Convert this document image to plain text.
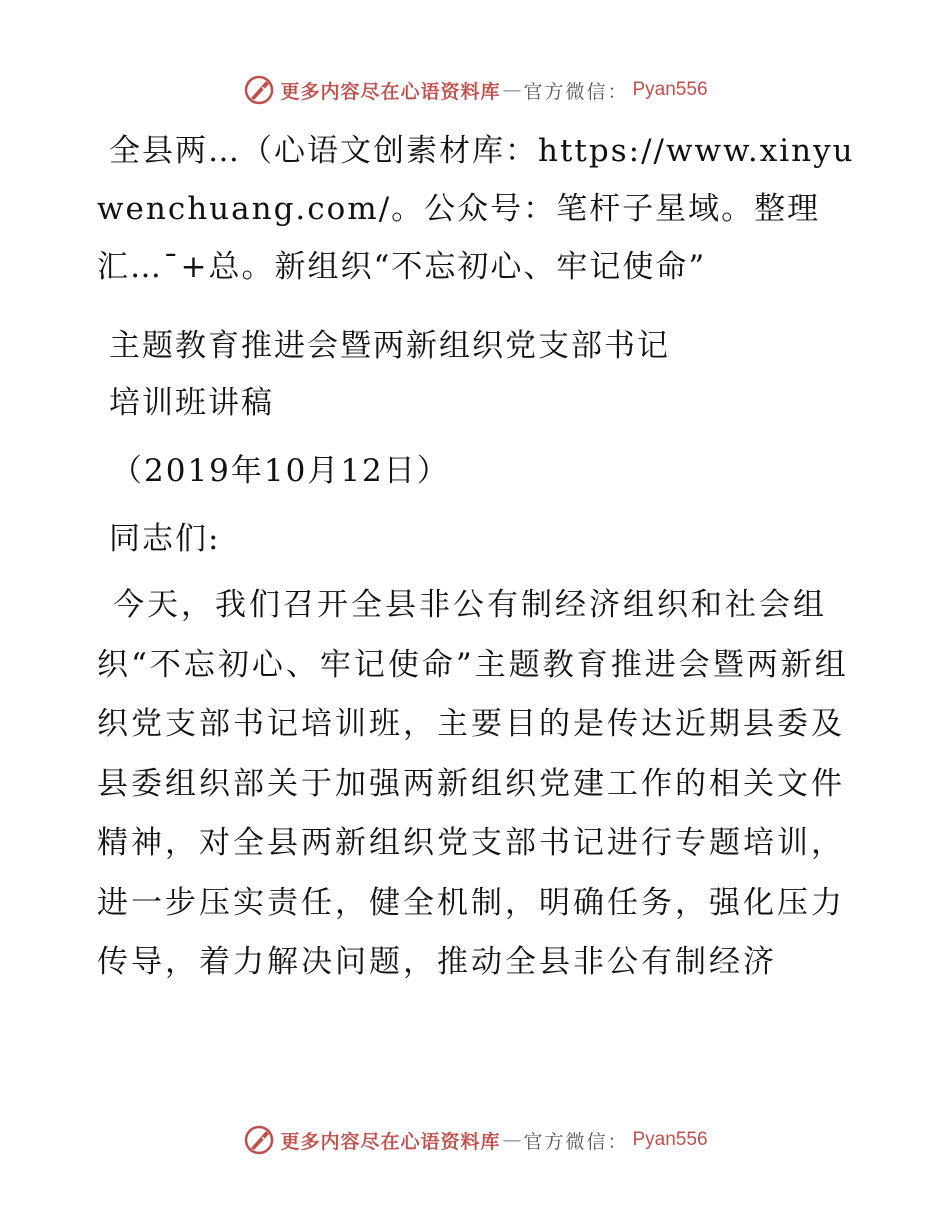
更多内容尽在心语资料库 — 官方微信： Pyan556

全县两…（心语文创素材库：https://www.xinyuwenchuang.com/。公众号：笔杆子星域。整理汇…¯+总。新组织“不忘初心、牢记使命”

主题教育推进会暨两新组织党支部书记

培训班讲稿

（2019年10月12日）

同志们:

今天，我们召开全县非公有制经济组织和社会组织“不忘初心、牢记使命”主题教育推进会暨两新组织党支部书记培训班，主要目的是传达近期县委及县委组织部关于加强两新组织党建工作的相关文件精神，对全县两新组织党支部书记进行专题培训，进一步压实责任，健全机制，明确任务，强化压力传导，着力解决问题，推动全县非公有制经济

更多内容尽在心语资料库 — 官方微信： Pyan556
